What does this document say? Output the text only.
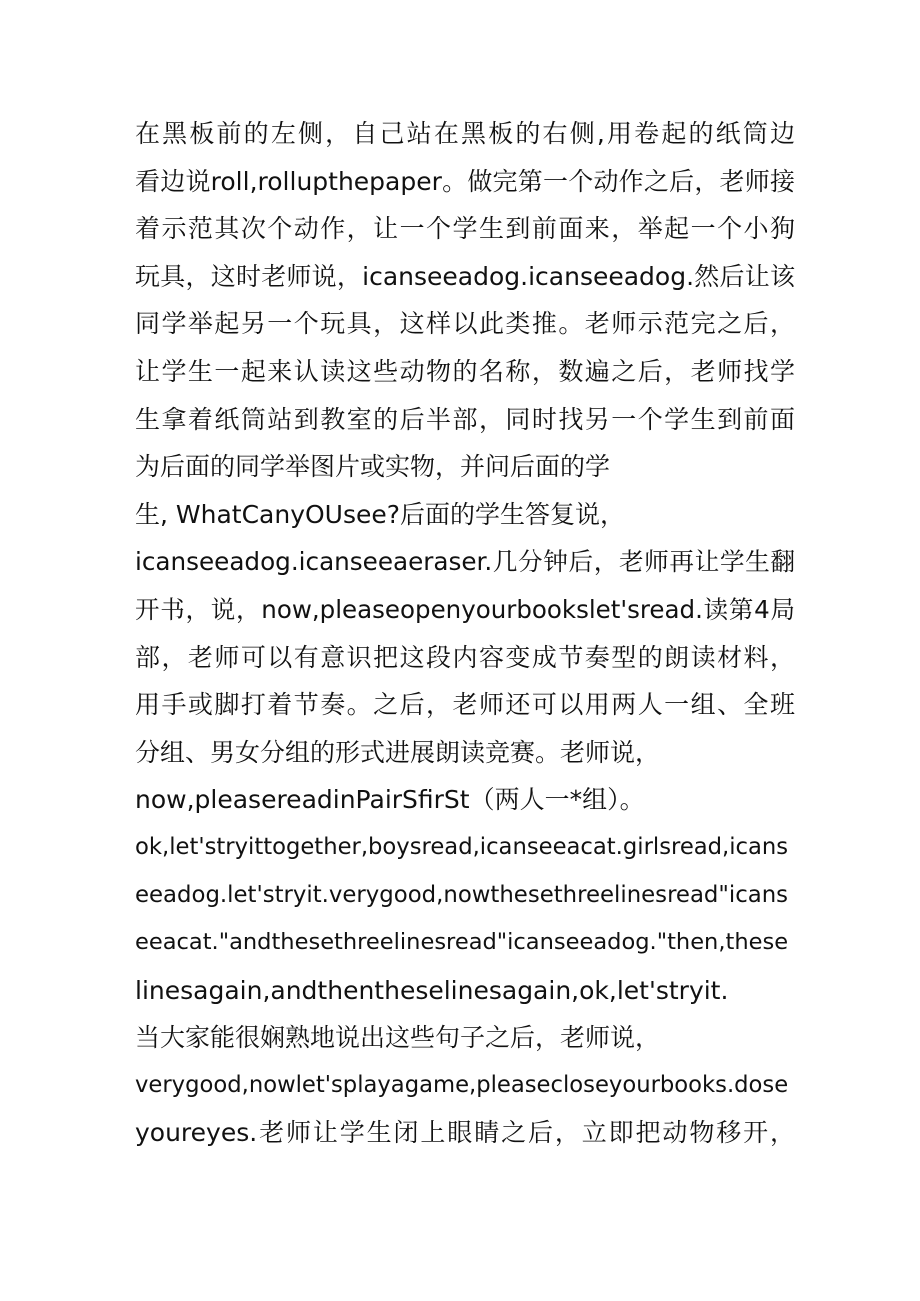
在黑板前的左侧，自己站在黑板的右侧,用卷起的纸筒边
看边说roll,rollupthepaper。做完第一个动作之后，老师接
着示范其次个动作，让一个学生到前面来，举起一个小狗
玩具，这时老师说，icanseeadog.icanseeadog.然后让该
同学举起另一个玩具，这样以此类推。老师示范完之后，
让学生一起来认读这些动物的名称，数遍之后，老师找学
生拿着纸筒站到教室的后半部，同时找另一个学生到前面
为后面的同学举图片或实物，并问后面的学
生, WhatCanyOUsee?后面的学生答复说，
icanseeadog.icanseeaeraser.几分钟后，老师再让学生翻
开书，说，now,pleaseopenyourbookslet'sread.读第4局
部，老师可以有意识把这段内容变成节奏型的朗读材料，
用手或脚打着节奏。之后，老师还可以用两人一组、全班
分组、男女分组的形式进展朗读竞赛。老师说，
now,pleasereadinPairSfirSt（两人一*组）。
ok,let'stryittogether,boysread,icanseeacat.girlsread,icans
eeadog.let'stryit.verygood,nowthesethreelinesread"icans
eeacat."andthesethreelinesread"icanseeadog."then,these
linesagain,andthentheselinesagain,ok,let'stryit.
当大家能很娴熟地说出这些句子之后，老师说，
verygood,nowlet'splayagame,pleasecloseyourbooks.dose
youreyes.老师让学生闭上眼睛之后，立即把动物移开，
